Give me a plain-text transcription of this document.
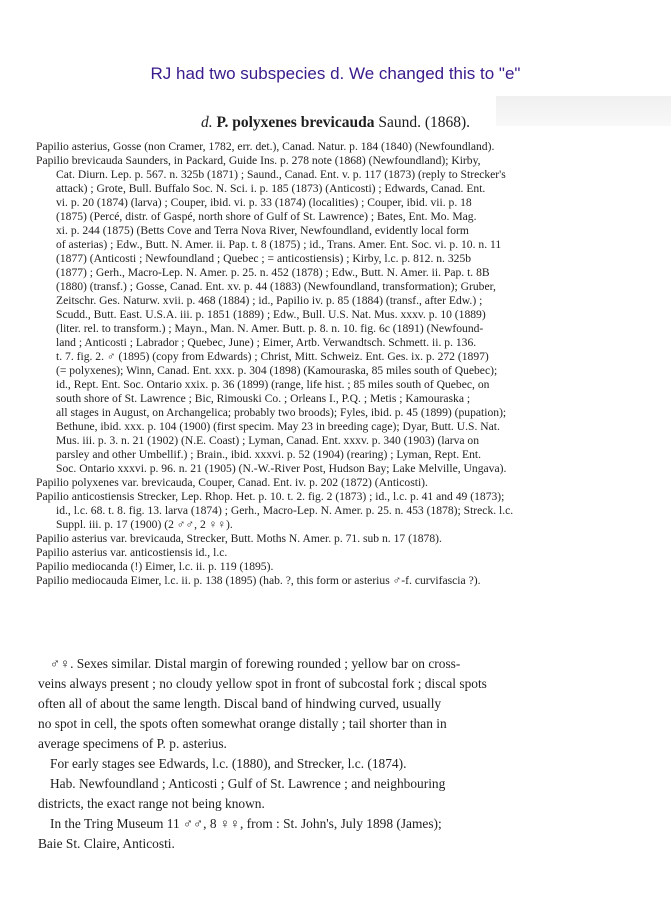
RJ had two subspecies d. We changed this to "e"
d. P. polyxenes brevicauda Saund. (1868).
Papilio asterius, Gosse (non Cramer, 1782, err. det.), Canad. Natur. p. 184 (1840) (Newfoundland).
Papilio brevicauda Saunders, in Packard, Guide Ins. p. 278 note (1868) (Newfoundland); Kirby,
Cat. Diurn. Lep. p. 567. n. 325b (1871) ; Saund., Canad. Ent. v. p. 117 (1873) (reply to Strecker's
attack) ; Grote, Bull. Buffalo Soc. N. Sci. i. p. 185 (1873) (Anticosti) ; Edwards, Canad. Ent.
vi. p. 20 (1874) (larva) ; Couper, ibid. vi. p. 33 (1874) (localities) ; Couper, ibid. vii. p. 18
(1875) (Percé, distr. of Gaspé, north shore of Gulf of St. Lawrence) ; Bates, Ent. Mo. Mag.
xi. p. 244 (1875) (Betts Cove and Terra Nova River, Newfoundland, evidently local form
of asterias) ; Edw., Butt. N. Amer. ii. Pap. t. 8 (1875) ; id., Trans. Amer. Ent. Soc. vi. p. 10. n. 11
(1877) (Anticosti ; Newfoundland ; Quebec ; = anticostiensis) ; Kirby, l.c. p. 812. n. 325b
(1877) ; Gerh., Macro-Lep. N. Amer. p. 25. n. 452 (1878) ; Edw., Butt. N. Amer. ii. Pap. t. 8B
(1880) (transf.) ; Gosse, Canad. Ent. xv. p. 44 (1883) (Newfoundland, transformation); Gruber,
Zeitschr. Ges. Naturw. xvii. p. 468 (1884) ; id., Papilio iv. p. 85 (1884) (transf., after Edw.) ;
Scudd., Butt. East. U.S.A. iii. p. 1851 (1889) ; Edw., Bull. U.S. Nat. Mus. xxxv. p. 10 (1889)
(liter. rel. to transform.) ; Mayn., Man. N. Amer. Butt. p. 8. n. 10. fig. 6c (1891) (Newfound-
land ; Anticosti ; Labrador ; Quebec, June) ; Eimer, Artb. Verwandtsch. Schmett. ii. p. 136.
t. 7. fig. 2. ♂ (1895) (copy from Edwards) ; Christ, Mitt. Schweiz. Ent. Ges. ix. p. 272 (1897)
(= polyxenes); Winn, Canad. Ent. xxx. p. 304 (1898) (Kamouraska, 85 miles south of Quebec);
id., Rept. Ent. Soc. Ontario xxix. p. 36 (1899) (range, life hist. ; 85 miles south of Quebec, on
south shore of St. Lawrence ; Bic, Rimouski Co. ; Orleans I., P.Q. ; Metis ; Kamouraska ;
all stages in August, on Archangelica; probably two broods); Fyles, ibid. p. 45 (1899) (pupation);
Bethune, ibid. xxx. p. 104 (1900) (first specim. May 23 in breeding cage); Dyar, Butt. U.S. Nat.
Mus. iii. p. 3. n. 21 (1902) (N.E. Coast) ; Lyman, Canad. Ent. xxxv. p. 340 (1903) (larva on
parsley and other Umbellif.) ; Brain., ibid. xxxvi. p. 52 (1904) (rearing) ; Lyman, Rept. Ent.
Soc. Ontario xxxvi. p. 96. n. 21 (1905) (N.-W.-River Post, Hudson Bay; Lake Melville, Ungava).
Papilio polyxenes var. brevicauda, Couper, Canad. Ent. iv. p. 202 (1872) (Anticosti).
Papilio anticostiensis Strecker, Lep. Rhop. Het. p. 10. t. 2. fig. 2 (1873) ; id., l.c. p. 41 and 49 (1873);
id., l.c. 68. t. 8. fig. 13. larva (1874) ; Gerh., Macro-Lep. N. Amer. p. 25. n. 453 (1878); Streck. l.c.
Suppl. iii. p. 17 (1900) (2 ♂♂, 2 ♀♀).
Papilio asterius var. brevicauda, Strecker, Butt. Moths N. Amer. p. 71. sub n. 17 (1878).
Papilio asterius var. anticostiensis id., l.c.
Papilio mediocanda (!) Eimer, l.c. ii. p. 119 (1895).
Papilio mediocauda Eimer, l.c. ii. p. 138 (1895) (hab. ?, this form or asterius ♂-f. curvifascia ?).
♂♀. Sexes similar. Distal margin of forewing rounded ; yellow bar on cross-
veins always present ; no cloudy yellow spot in front of subcostal fork ; discal spots
often all of about the same length. Discal band of hindwing curved, usually
no spot in cell, the spots often somewhat orange distally ; tail shorter than in
average specimens of P. p. asterius.
For early stages see Edwards, l.c. (1880), and Strecker, l.c. (1874).
Hab. Newfoundland ; Anticosti ; Gulf of St. Lawrence ; and neighbouring
districts, the exact range not being known.
In the Tring Museum 11 ♂♂, 8 ♀♀, from : St. John's, July 1898 (James);
Baie St. Claire, Anticosti.
